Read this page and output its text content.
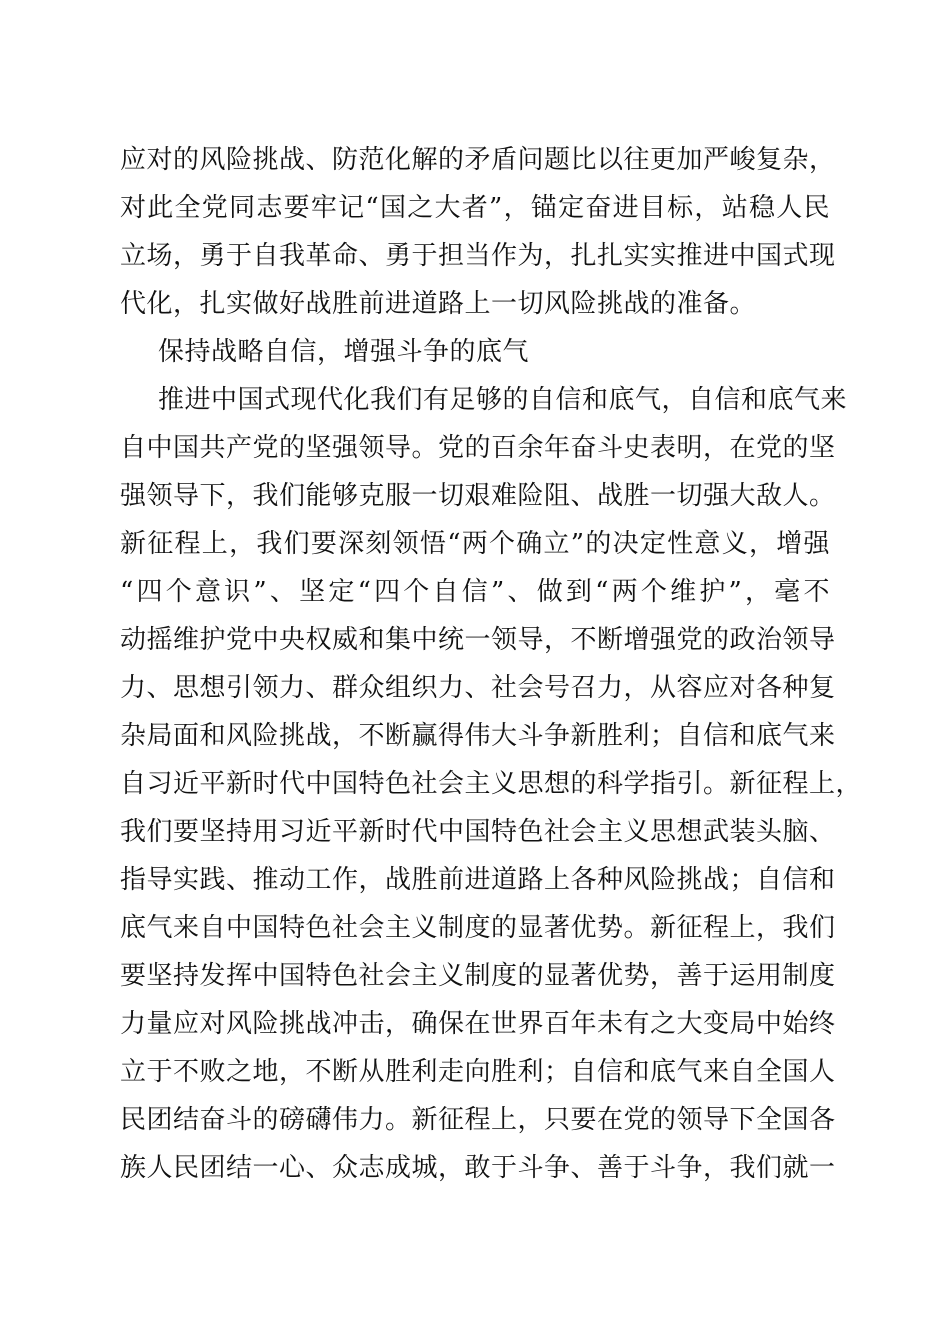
应对的风险挑战、防范化解的矛盾问题比以往更加严峻复杂，
对此全党同志要牢记“国之大者”，锚定奋进目标，站稳人民
立场，勇于自我革命、勇于担当作为，扎扎实实推进中国式现
代化，扎实做好战胜前进道路上一切风险挑战的准备。
保持战略自信，增强斗争的底气
推进中国式现代化我们有足够的自信和底气，自信和底气来
自中国共产党的坚强领导。党的百余年奋斗史表明，在党的坚
强领导下，我们能够克服一切艰难险阻、战胜一切强大敌人。
新征程上，我们要深刻领悟“两个确立”的决定性意义，增强
“四个意识”、坚定“四个自信”、做到“两个维护”，毫不
动摇维护党中央权威和集中统一领导，不断增强党的政治领导
力、思想引领力、群众组织力、社会号召力，从容应对各种复
杂局面和风险挑战，不断赢得伟大斗争新胜利；自信和底气来
自习近平新时代中国特色社会主义思想的科学指引。新征程上，
我们要坚持用习近平新时代中国特色社会主义思想武装头脑、
指导实践、推动工作，战胜前进道路上各种风险挑战；自信和
底气来自中国特色社会主义制度的显著优势。新征程上，我们
要坚持发挥中国特色社会主义制度的显著优势，善于运用制度
力量应对风险挑战冲击，确保在世界百年未有之大变局中始终
立于不败之地，不断从胜利走向胜利；自信和底气来自全国人
民团结奋斗的磅礴伟力。新征程上，只要在党的领导下全国各
族人民团结一心、众志成城，敢于斗争、善于斗争，我们就一
